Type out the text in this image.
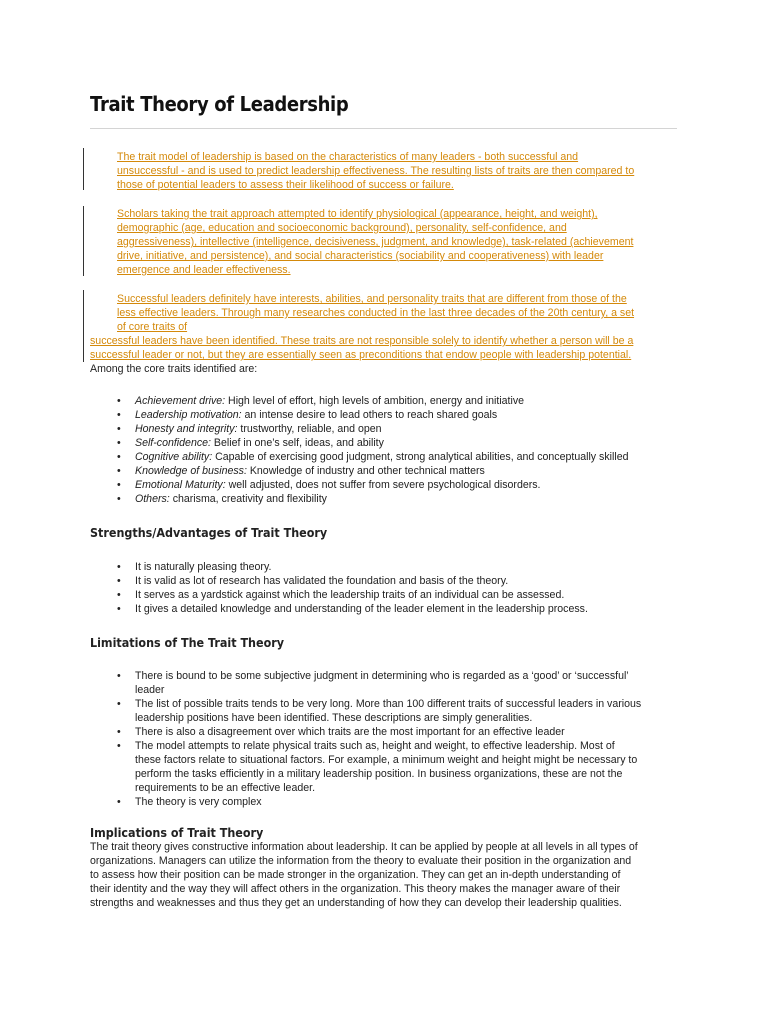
Trait Theory of Leadership
The trait model of leadership is based on the characteristics of many leaders - both successful and
unsuccessful - and is used to predict leadership effectiveness. The resulting lists of traits are then compared to
those of potential leaders to assess their likelihood of success or failure.
Scholars taking the trait approach attempted to identify physiological (appearance, height, and weight),
demographic (age, education and socioeconomic background), personality, self-confidence, and
aggressiveness), intellective (intelligence, decisiveness, judgment, and knowledge), task-related (achievement
drive, initiative, and persistence), and social characteristics (sociability and cooperativeness) with leader
emergence and leader effectiveness.
Successful leaders definitely have interests, abilities, and personality traits that are different from those of the
less effective leaders. Through many researches conducted in the last three decades of the 20th century, a set
of core traits of
successful leaders have been identified. These traits are not responsible solely to identify whether a person will be a
successful leader or not, but they are essentially seen as preconditions that endow people with leadership potential.
Among the core traits identified are:
• Achievement drive: High level of effort, high levels of ambition, energy and initiative
• Leadership motivation: an intense desire to lead others to reach shared goals
• Honesty and integrity: trustworthy, reliable, and open
• Self-confidence: Belief in one’s self, ideas, and ability
• Cognitive ability: Capable of exercising good judgment, strong analytical abilities, and conceptually skilled
• Knowledge of business: Knowledge of industry and other technical matters
• Emotional Maturity: well adjusted, does not suffer from severe psychological disorders.
• Others: charisma, creativity and flexibility
Strengths/Advantages of Trait Theory
• It is naturally pleasing theory.
• It is valid as lot of research has validated the foundation and basis of the theory.
• It serves as a yardstick against which the leadership traits of an individual can be assessed.
• It gives a detailed knowledge and understanding of the leader element in the leadership process.
Limitations of The Trait Theory
• There is bound to be some subjective judgment in determining who is regarded as a ‘good’ or ‘successful’
leader
• The list of possible traits tends to be very long. More than 100 different traits of successful leaders in various
leadership positions have been identified. These descriptions are simply generalities.
• There is also a disagreement over which traits are the most important for an effective leader
• The model attempts to relate physical traits such as, height and weight, to effective leadership. Most of
these factors relate to situational factors. For example, a minimum weight and height might be necessary to
perform the tasks efficiently in a military leadership position. In business organizations, these are not the
requirements to be an effective leader.
• The theory is very complex
Implications of Trait Theory
The trait theory gives constructive information about leadership. It can be applied by people at all levels in all types of
organizations. Managers can utilize the information from the theory to evaluate their position in the organization and
to assess how their position can be made stronger in the organization. They can get an in-depth understanding of
their identity and the way they will affect others in the organization. This theory makes the manager aware of their
strengths and weaknesses and thus they get an understanding of how they can develop their leadership qualities.
